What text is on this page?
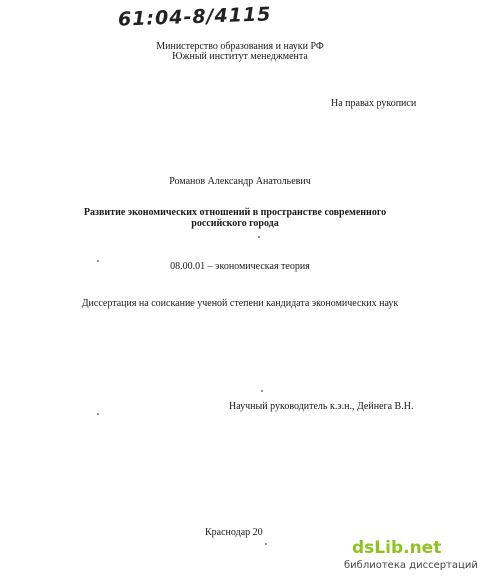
61:04-8/4115
Министерство образования и науки РФ
Южный институт менеджмента
На правах рукописи
Романов Александр Анатольевич
Развитие экономических отношений в пространстве современного
российского города
08.00.01 – экономическая теория
Диссертация на соискание ученой степени кандидата экономических наук
Научный руководитель к.э.н., Дейнега В.Н.
Краснодар 20
dsLib.net
библиотека диссертаций
